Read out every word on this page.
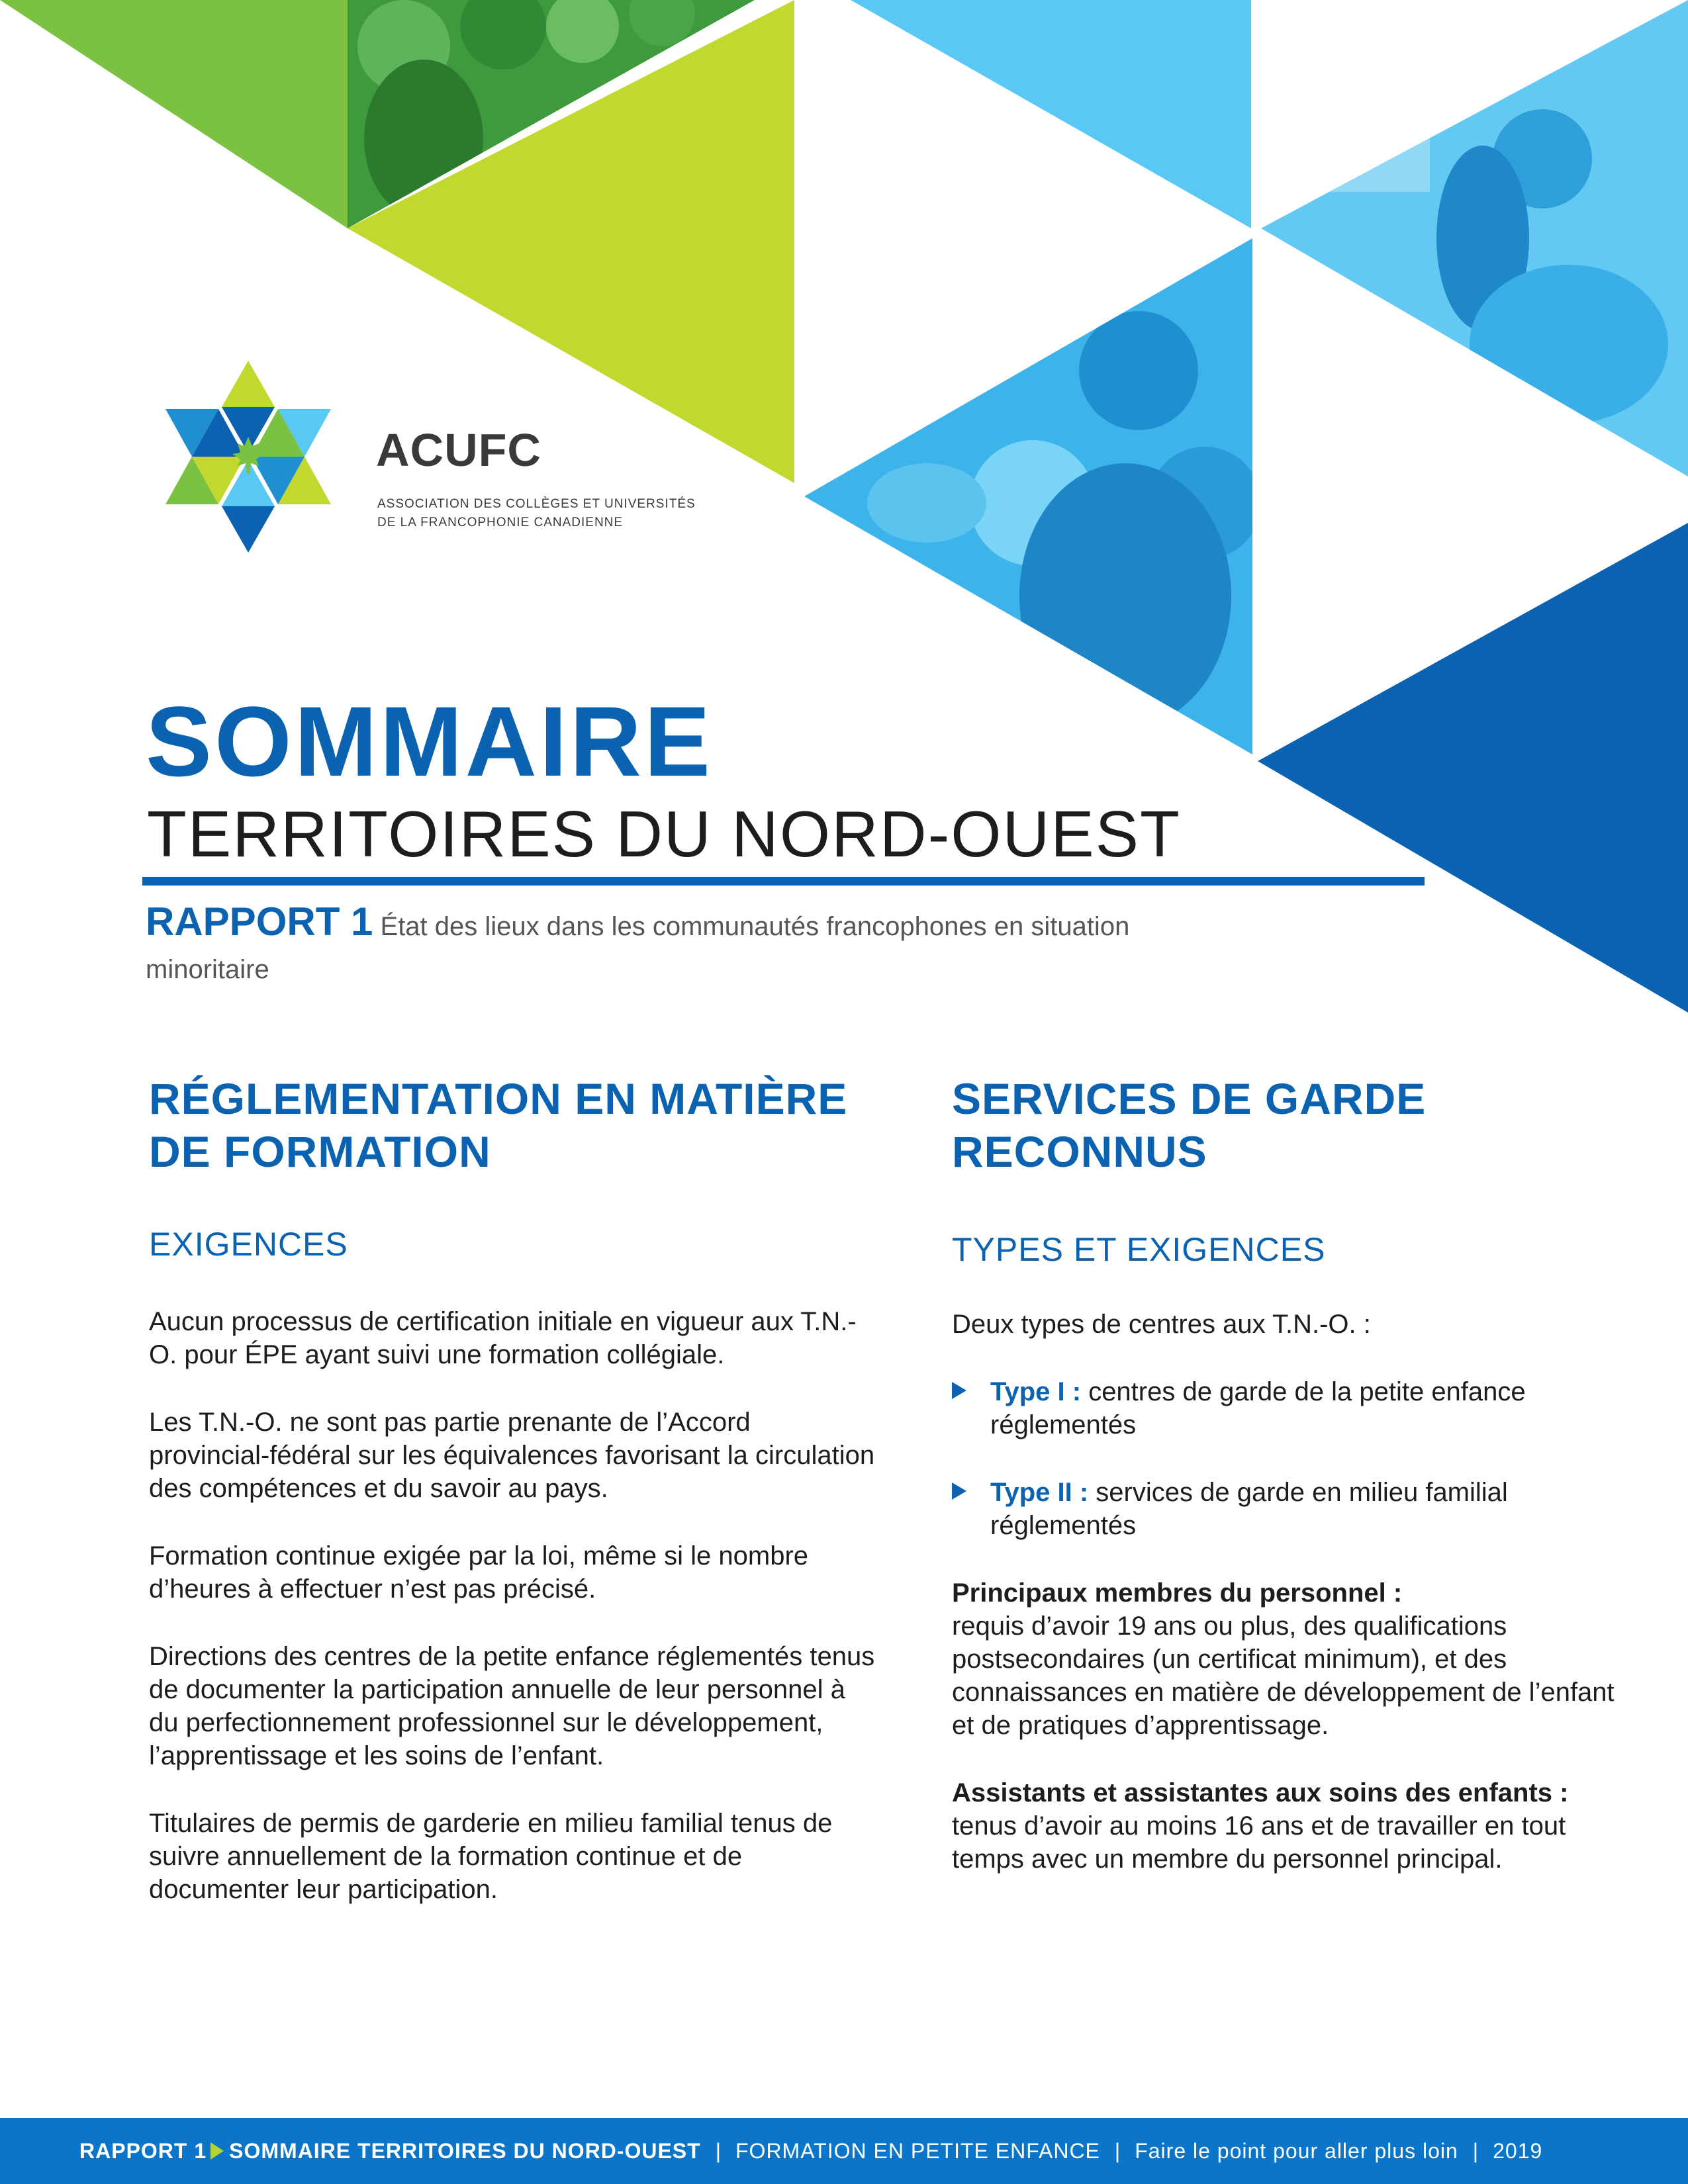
ACUFC
ASSOCIATION DES COLLÈGES ET UNIVERSITÉS
DE LA FRANCOPHONIE CANADIENNE
SOMMAIRE
TERRITOIRES DU NORD-OUEST
RAPPORT 1 État des lieux dans les communautés francophones en situation minoritaire
RÉGLEMENTATION EN MATIÈRE DE FORMATION
EXIGENCES

Aucun processus de certification initiale en vigueur aux T.N.-O. pour ÉPE ayant suivi une formation collégiale.

Les T.N.-O. ne sont pas partie prenante de l’Accord provincial-fédéral sur les équivalences favorisant la circulation des compétences et du savoir au pays.

Formation continue exigée par la loi, même si le nombre d’heures à effectuer n’est pas précisé.

Directions des centres de la petite enfance réglementés tenus de documenter la participation annuelle de leur personnel à du perfectionnement professionnel sur le développement, l’apprentissage et les soins de l’enfant.

Titulaires de permis de garderie en milieu familial tenus de suivre annuellement de la formation continue et de documenter leur participation.

SERVICES DE GARDE RECONNUS
TYPES ET EXIGENCES

Deux types de centres aux T.N.-O. :

Type I : centres de garde de la petite enfance réglementés
Type II : services de garde en milieu familial réglementés

Principaux membres du personnel :
requis d’avoir 19 ans ou plus, des qualifications postsecondaires (un certificat minimum), et des connaissances en matière de développement de l’enfant et de pratiques d’apprentissage.

Assistants et assistantes aux soins des enfants : tenus d’avoir au moins 16 ans et de travailler en tout temps avec un membre du personnel principal.

RAPPORT 1 SOMMAIRE TERRITOIRES DU NORD-OUEST | FORMATION EN PETITE ENFANCE | Faire le point pour aller plus loin | 2019
